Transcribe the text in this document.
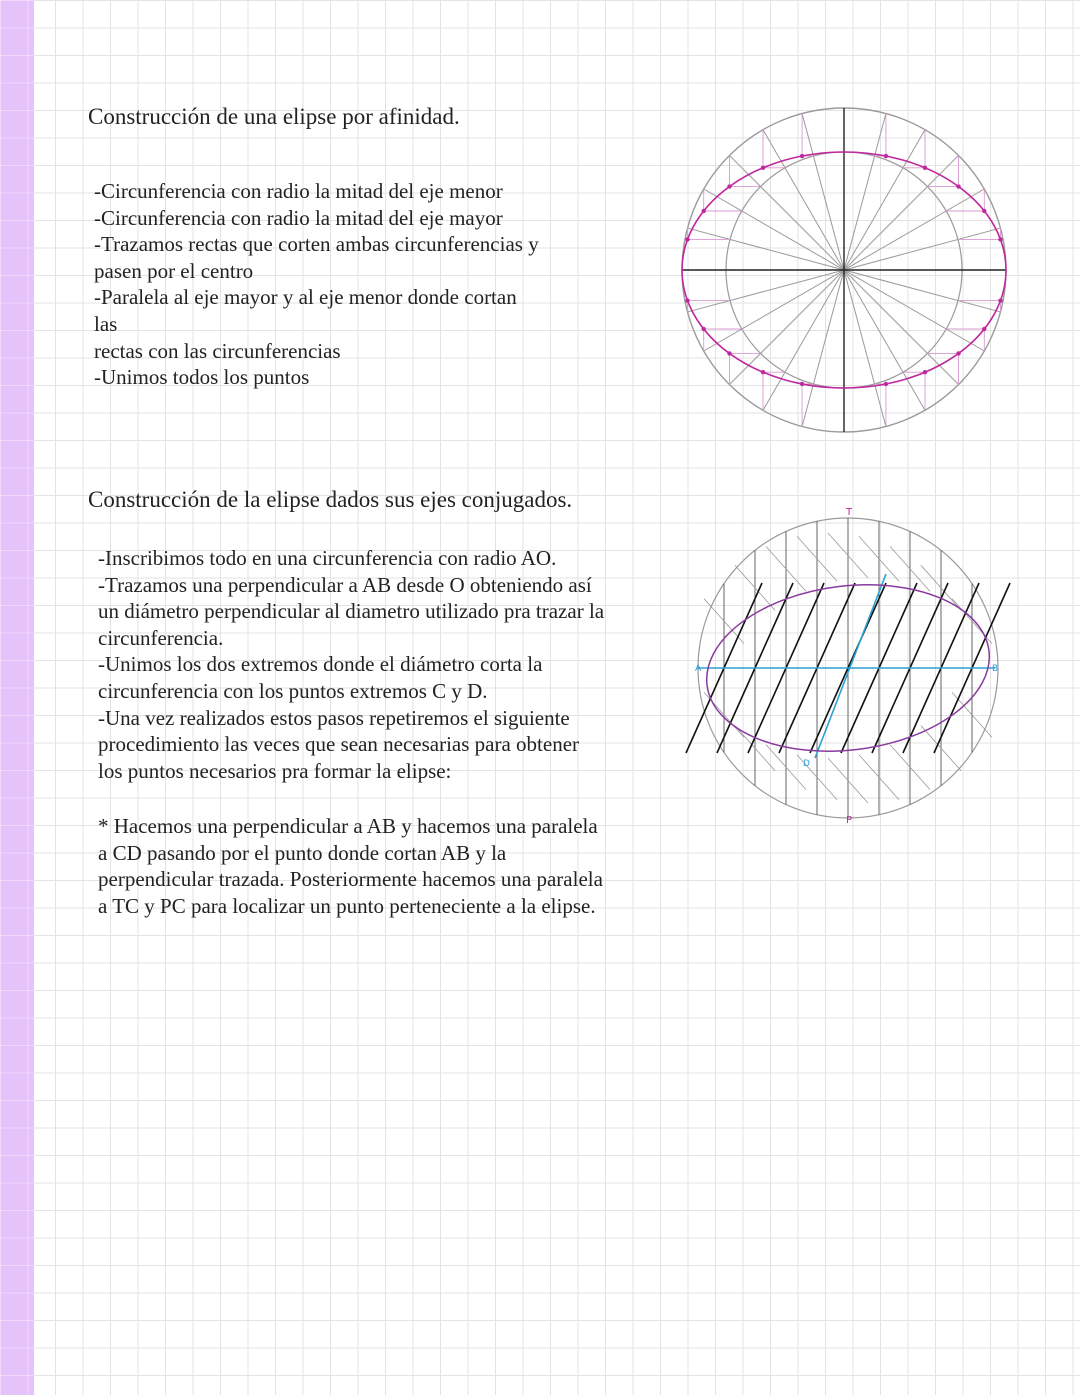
Construcción de una elipse por afinidad.
-Circunferencia con radio la mitad del eje menor
-Circunferencia con radio la mitad del eje mayor
-Trazamos rectas que corten ambas circunferencias y
pasen por el centro
-Paralela al eje mayor y al eje menor donde cortan
las
rectas con las circunferencias
-Unimos todos los puntos
Construcción de la elipse dados sus ejes conjugados.
-Inscribimos todo en una circunferencia con radio AO.
-Trazamos una perpendicular a AB desde O obteniendo así
un diámetro perpendicular al diametro utilizado pra trazar la
circunferencia.
-Unimos los dos extremos donde el diámetro corta la
circunferencia con los puntos extremos C y D.
-Una vez realizados estos pasos repetiremos el siguiente
procedimiento las veces que sean necesarias para obtener
los puntos necesarios pra formar la elipse:
* Hacemos una perpendicular a AB y hacemos una paralela
a CD pasando por el punto donde cortan AB y la
perpendicular trazada. Posteriormente hacemos una paralela
a TC y PC para localizar un punto perteneciente a la elipse.
T
P
A	B
D
